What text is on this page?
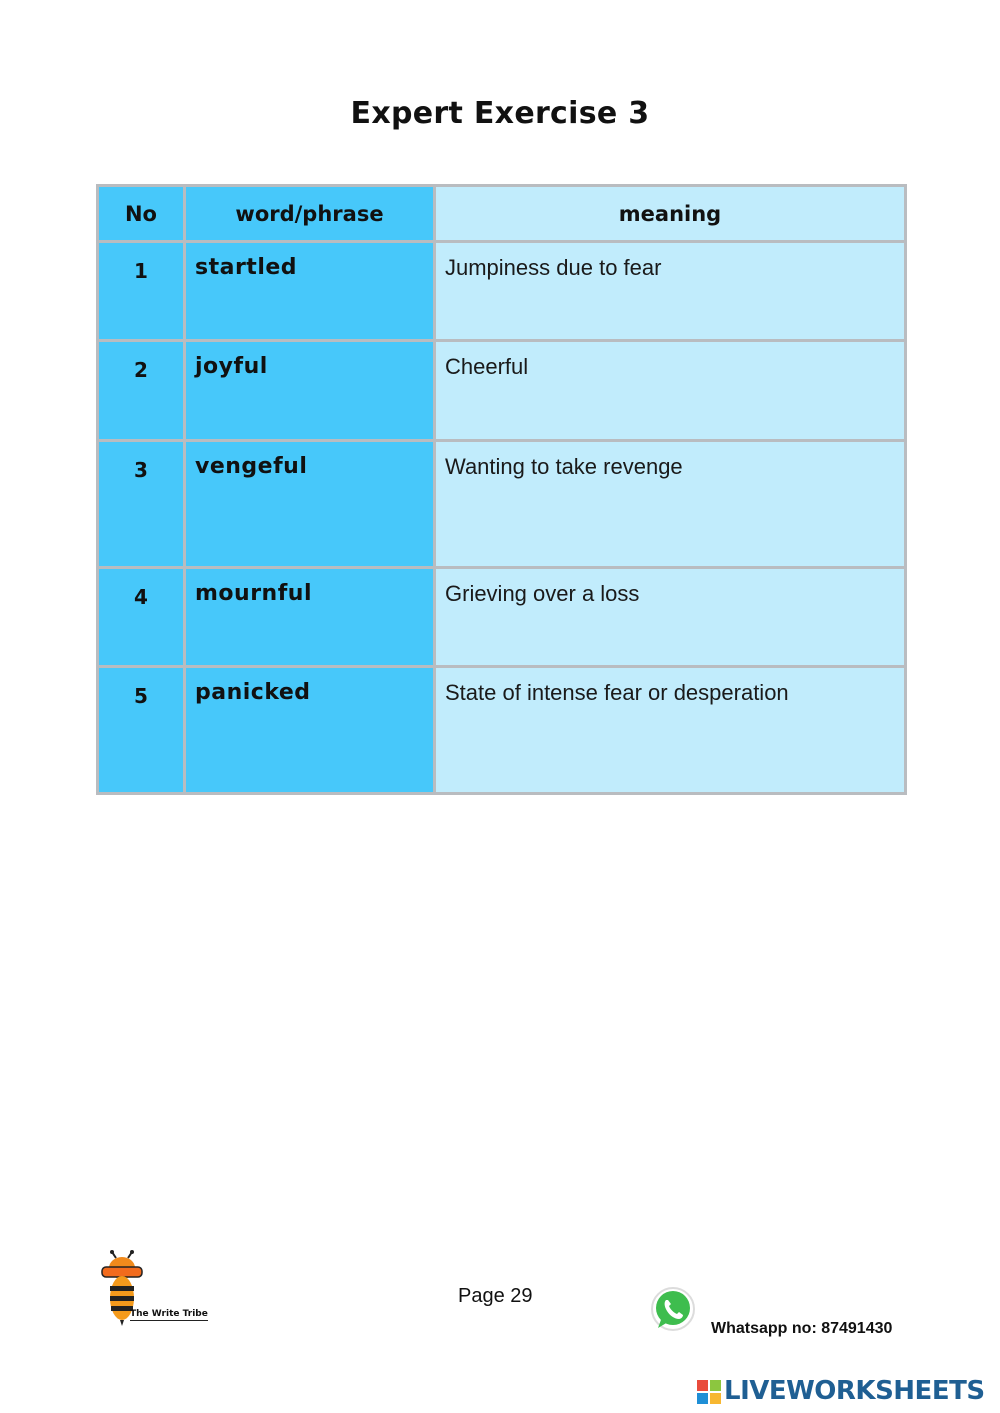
Expert Exercise 3
No	word/phrase	meaning

1	startled	Jumpiness due to fear

2	joyful	Cheerful

3	vengeful	Wanting to take revenge

4	mournful	Grieving over a loss

5	panicked	State of intense fear or desperation
The Write Tribe
Page 29
Whatsapp no: 87491430
LIVEWORKSHEETS
